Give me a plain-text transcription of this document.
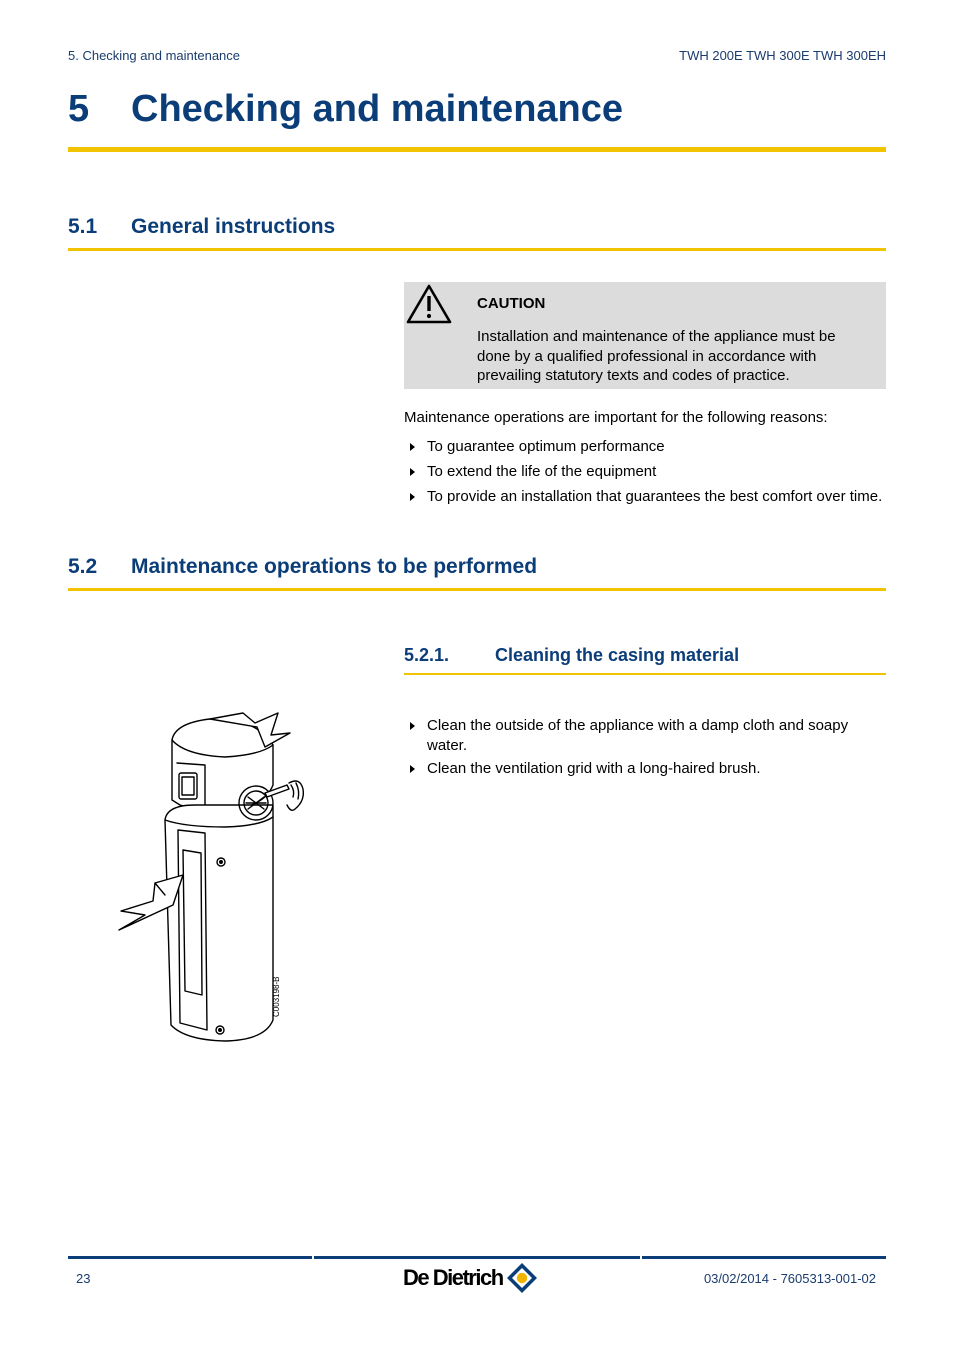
5. Checking and maintenance	TWH 200E TWH 300E TWH 300EH
5 Checking and maintenance
5.1 General instructions
CAUTION
Installation and maintenance of the appliance must be done by a qualified professional in accordance with prevailing statutory texts and codes of practice.
Maintenance operations are important for the following reasons:
To guarantee optimum performance
To extend the life of the equipment
To provide an installation that guarantees the best comfort over time.
5.2 Maintenance operations to be performed
5.2.1.	Cleaning the casing material
Clean the outside of the appliance with a damp cloth and soapy water.
Clean the ventilation grid with a long-haired brush.
C003198-B
23	De Dietrich	03/02/2014 - 7605313-001-02
